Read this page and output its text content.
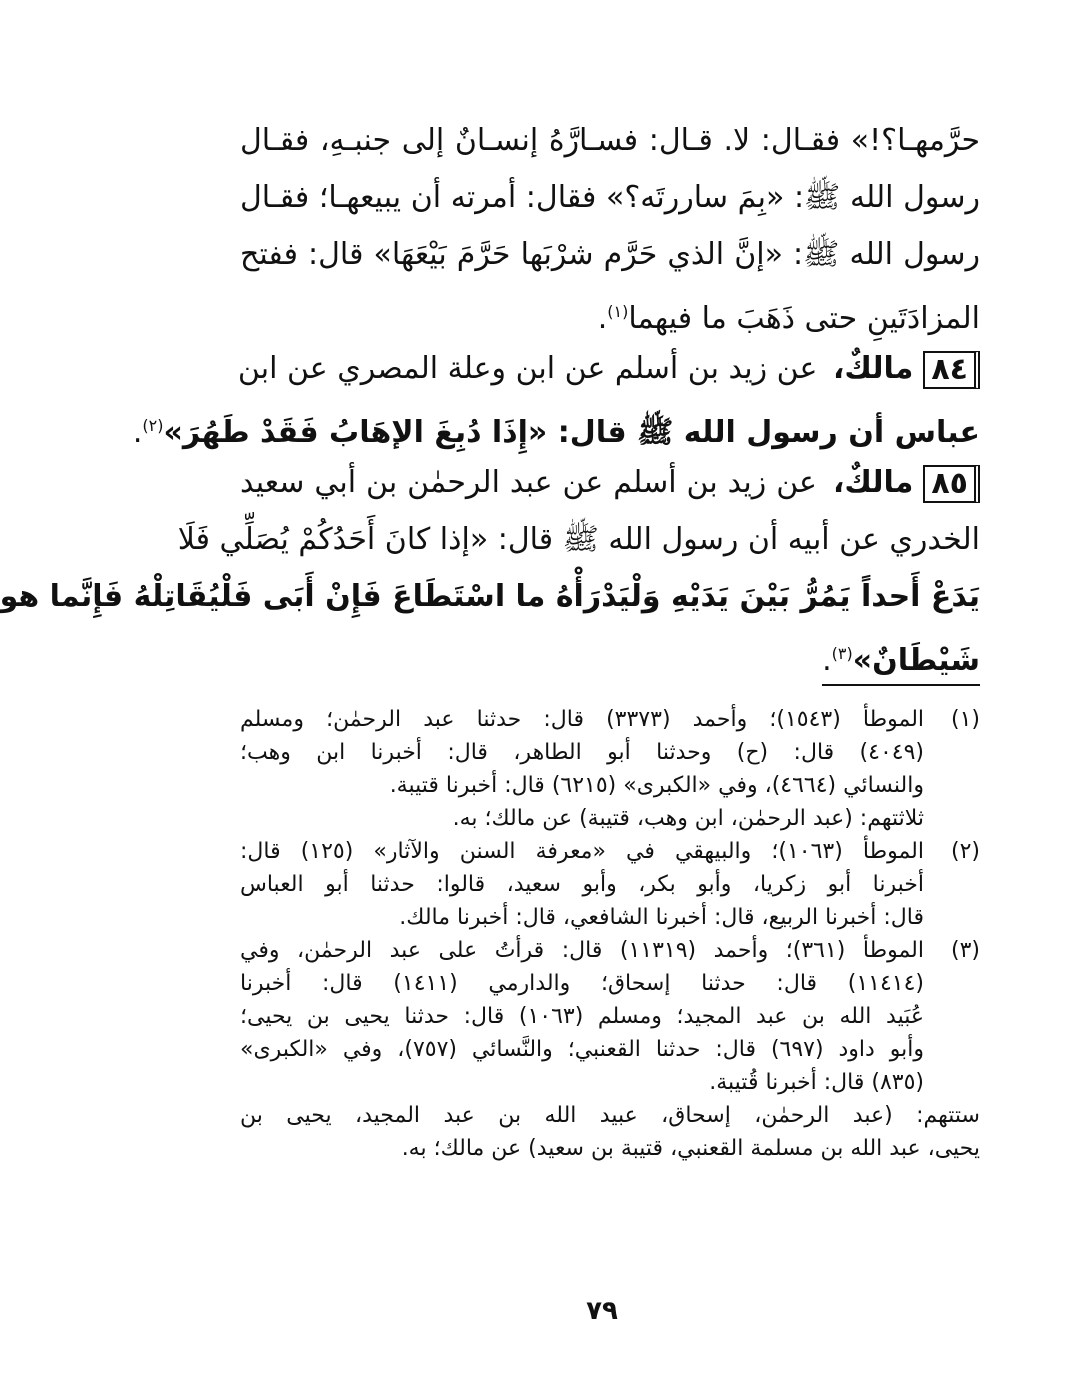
حرَّمهـا؟!» فقـال: لا. قـال: فسـارَّهُ إنسـانٌ إلى جنبـهِ، فقـال
رسول الله ﷺ: «بِمَ ساررتَه؟» فقال: أمرته أن يبيعهـا؛ فقـال
رسول الله ﷺ: «إنَّ الذي حَرَّم شرْبَها حَرَّمَ بَيْعَهَا» قال: ففتح
المزادَتَينِ حتى ذَهَبَ ما فيهما$^{(١)}$.
٨٤مالكٌ، عن زيد بن أسلم عن ابن وعلة المصري عن ابن
عباس أن رسول الله ﷺ قال: «إِذَا دُبِغَ الإهَابُ فَقَدْ طَهُرَ»$^{(٢)}$.
٨٥مالكٌ، عن زيد بن أسلم عن عبد الرحمٰن بن أبي سعيد
الخدري عن أبيه أن رسول الله ﷺ قال: «إذا كانَ أَحَدُكُمْ يُصَلِّي فَلَا
يَدَعْ أَحداً يَمُرُّ بَيْنَ يَدَيْهِ وَلْيَدْرَأْهُ ما اسْتَطَاعَ فَإِنْ أَبَى فَلْيُقَاتِلْهُ فَإِنَّما هو
شَيْطَانٌ»$^{(٣)}$.
(١)الموطأ (١٥٤٣)؛ وأحمد (٣٣٧٣) قال: حدثنا عبد الرحمٰن؛ ومسلم
(٤٠٤٩) قال: (ح) وحدثنا أبو الطاهر، قال: أخبرنا ابن وهب؛
والنسائي (٤٦٦٤)، وفي «الكبرى» (٦٢١٥) قال: أخبرنا قتيبة.
ثلاثتهم: (عبد الرحمٰن، ابن وهب، قتيبة) عن مالك؛ به.
(٢)الموطأ (١٠٦٣)؛ والبيهقي في «معرفة السنن والآثار» (١٢٥) قال:
أخبرنا أبو زكريا، وأبو بكر، وأبو سعيد، قالوا: حدثنا أبو العباس
قال: أخبرنا الربيع، قال: أخبرنا الشافعي، قال: أخبرنا مالك.
(٣)الموطأ (٣٦١)؛ وأحمد (١١٣١٩) قال: قرأتُ على عبد الرحمٰن، وفي
(١١٤١٤) قال: حدثنا إسحاق؛ والدارمي (١٤١١) قال: أخبرنا
عُبَيد الله بن عبد المجيد؛ ومسلم (١٠٦٣) قال: حدثنا يحيى بن يحيى؛
وأبو داود (٦٩٧) قال: حدثنا القعنبي؛ والنَّسائي (٧٥٧)، وفي «الكبرى»
(٨٣٥) قال: أخبرنا قُتيبة.
ستتهم: (عبد الرحمٰن، إسحاق، عبيد الله بن عبد المجيد، يحيى بن
يحيى، عبد الله بن مسلمة القعنبي، قتيبة بن سعيد) عن مالك؛ به.
٧٩
